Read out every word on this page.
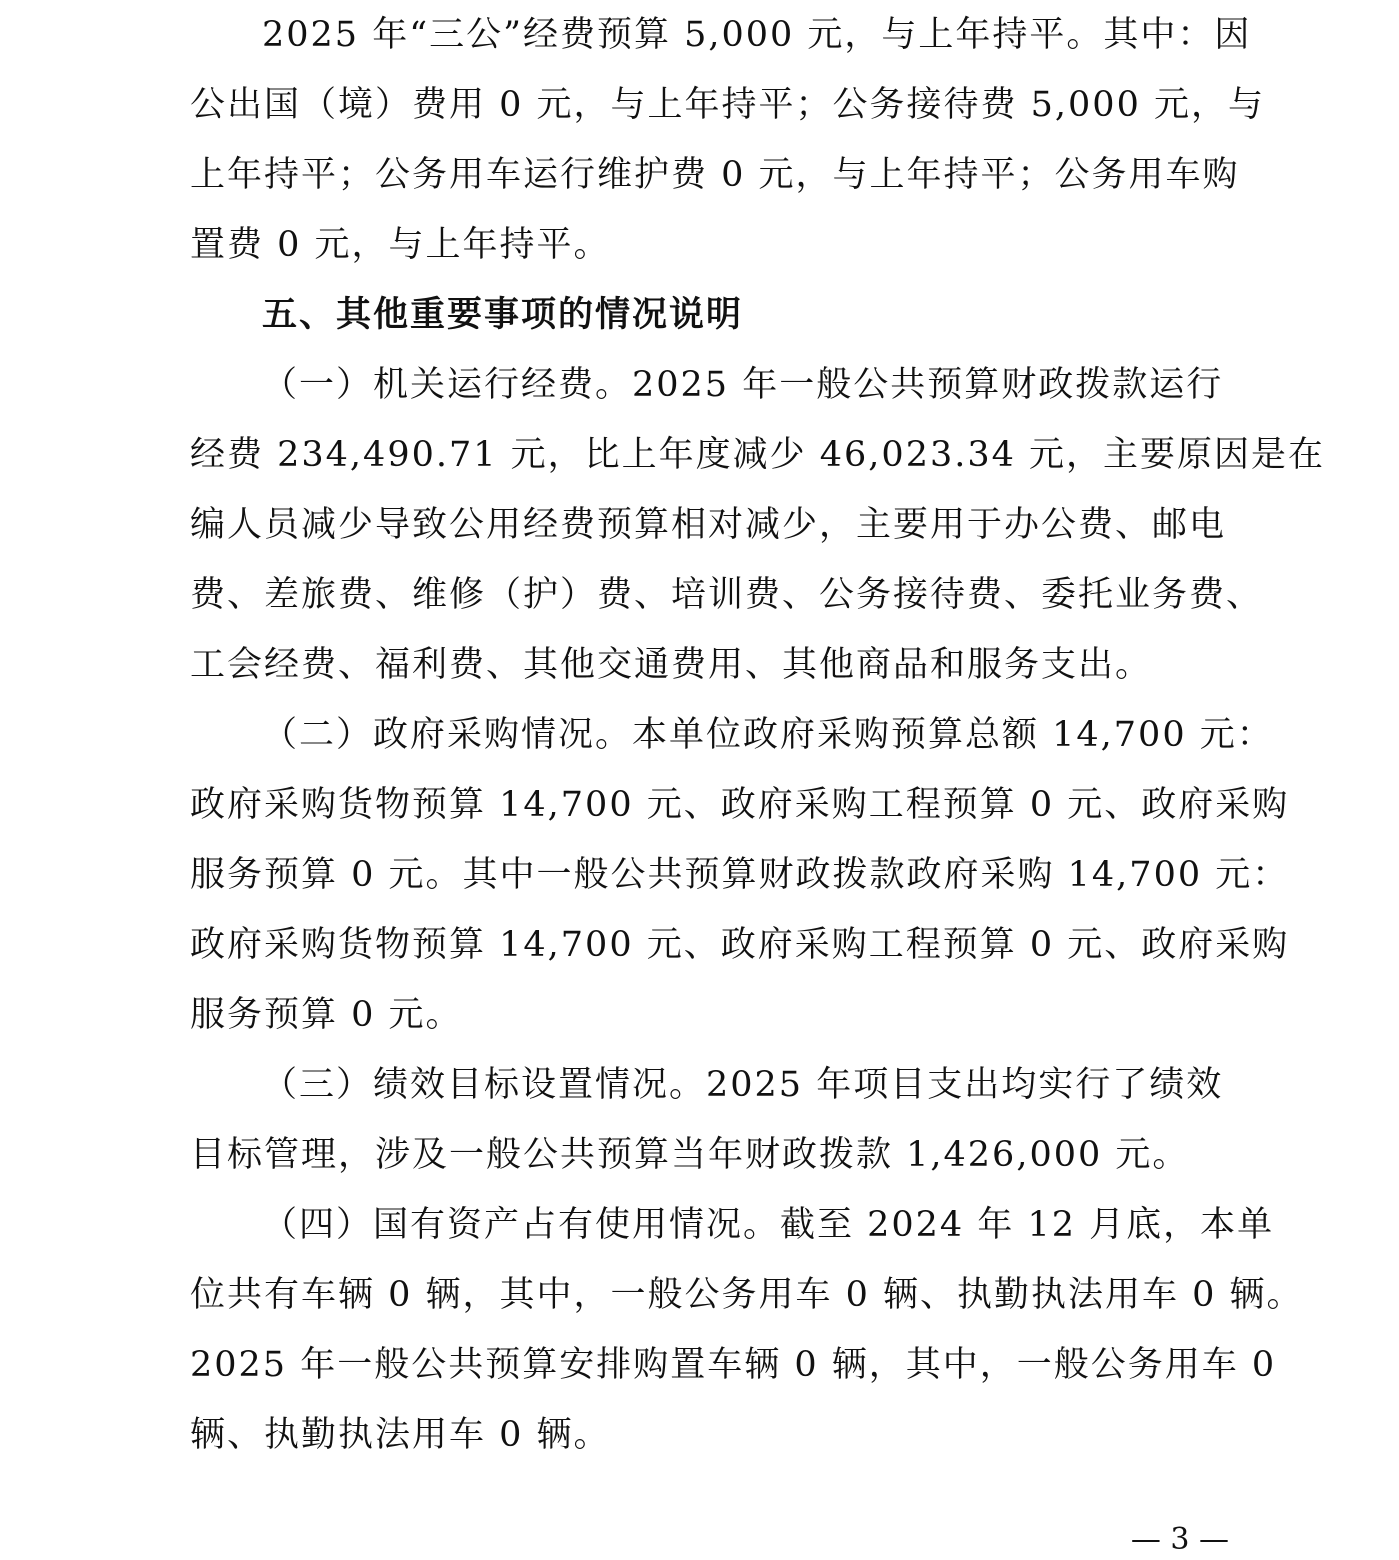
2025 年“三公”经费预算 5,000 元，与上年持平。其中：因
公出国（境）费用 0 元，与上年持平；公务接待费 5,000 元，与
上年持平；公务用车运行维护费 0 元，与上年持平；公务用车购
置费 0 元，与上年持平。
五、其他重要事项的情况说明
（一）机关运行经费。2025 年一般公共预算财政拨款运行
经费 234,490.71 元，比上年度减少 46,023.34 元，主要原因是在
编人员减少导致公用经费预算相对减少，主要用于办公费、邮电
费、差旅费、维修（护）费、培训费、公务接待费、委托业务费、
工会经费、福利费、其他交通费用、其他商品和服务支出。
（二）政府采购情况。本单位政府采购预算总额 14,700 元：
政府采购货物预算 14,700 元、政府采购工程预算 0 元、政府采购
服务预算 0 元。其中一般公共预算财政拨款政府采购 14,700 元：
政府采购货物预算 14,700 元、政府采购工程预算 0 元、政府采购
服务预算 0 元。
（三）绩效目标设置情况。2025 年项目支出均实行了绩效
目标管理，涉及一般公共预算当年财政拨款 1,426,000 元。
（四）国有资产占有使用情况。截至 2024 年 12 月底，本单
位共有车辆 0 辆，其中，一般公务用车 0 辆、执勤执法用车 0 辆。
2025 年一般公共预算安排购置车辆 0 辆，其中，一般公务用车 0
辆、执勤执法用车 0 辆。
— 3 —
